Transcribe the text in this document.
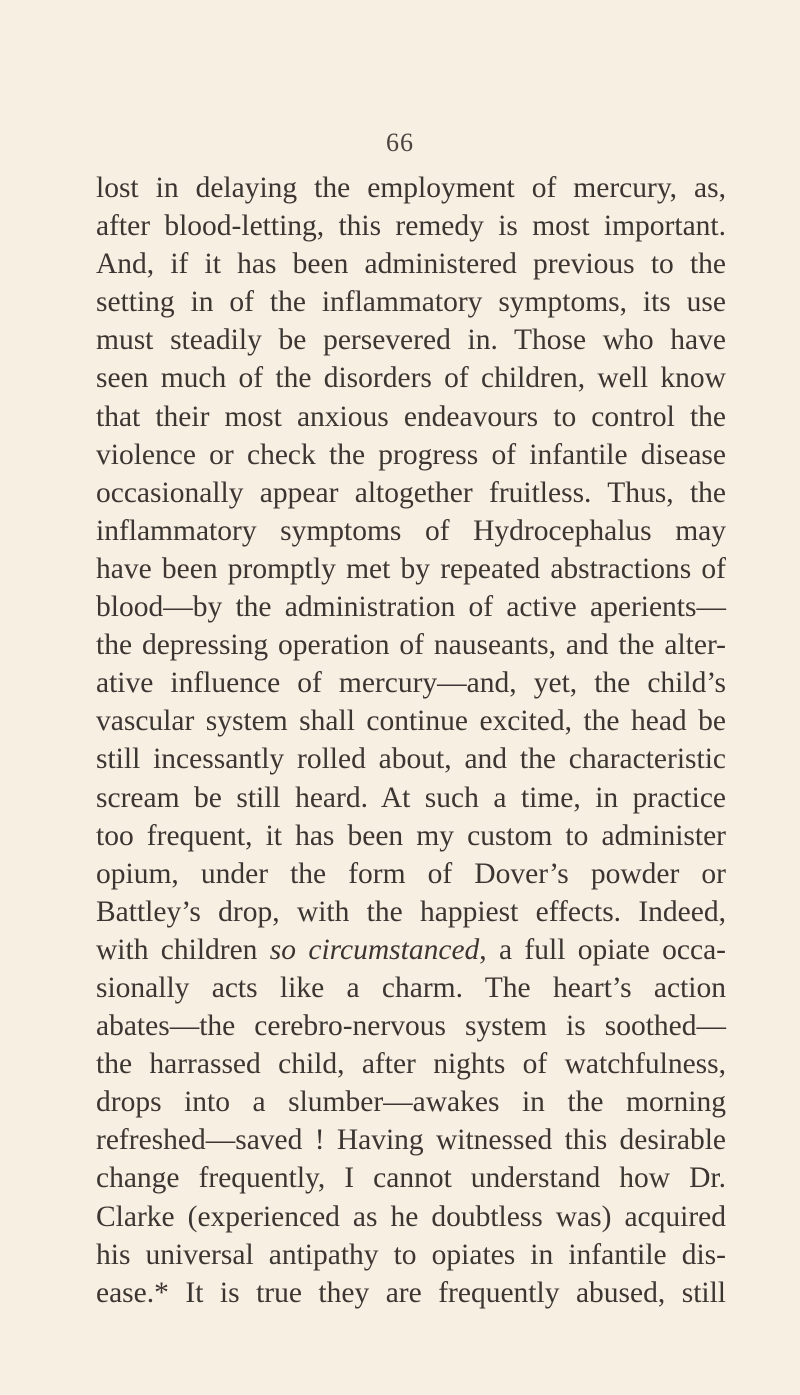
66
lost in delaying the employment of mercury, as,
after blood-letting, this remedy is most important.
And, if it has been administered previous to the
setting in of the inflammatory symptoms, its use
must steadily be persevered in. Those who have
seen much of the disorders of children, well know
that their most anxious endeavours to control the
violence or check the progress of infantile disease
occasionally appear altogether fruitless. Thus, the
inflammatory symptoms of Hydrocephalus may
have been promptly met by repeated abstractions of
blood—by the administration of active aperients—
the depressing operation of nauseants, and the alter-
ative influence of mercury—and, yet, the child’s
vascular system shall continue excited, the head be
still incessantly rolled about, and the characteristic
scream be still heard. At such a time, in practice
too frequent, it has been my custom to administer
opium, under the form of Dover’s powder or
Battley’s drop, with the happiest effects. Indeed,
with children so circumstanced, a full opiate occa-
sionally acts like a charm. The heart’s action
abates—the cerebro-nervous system is soothed—
the harrassed child, after nights of watchfulness,
drops into a slumber—awakes in the morning
refreshed—saved ! Having witnessed this desirable
change frequently, I cannot understand how Dr.
Clarke (experienced as he doubtless was) acquired
his universal antipathy to opiates in infantile dis-
ease.* It is true they are frequently abused, still
